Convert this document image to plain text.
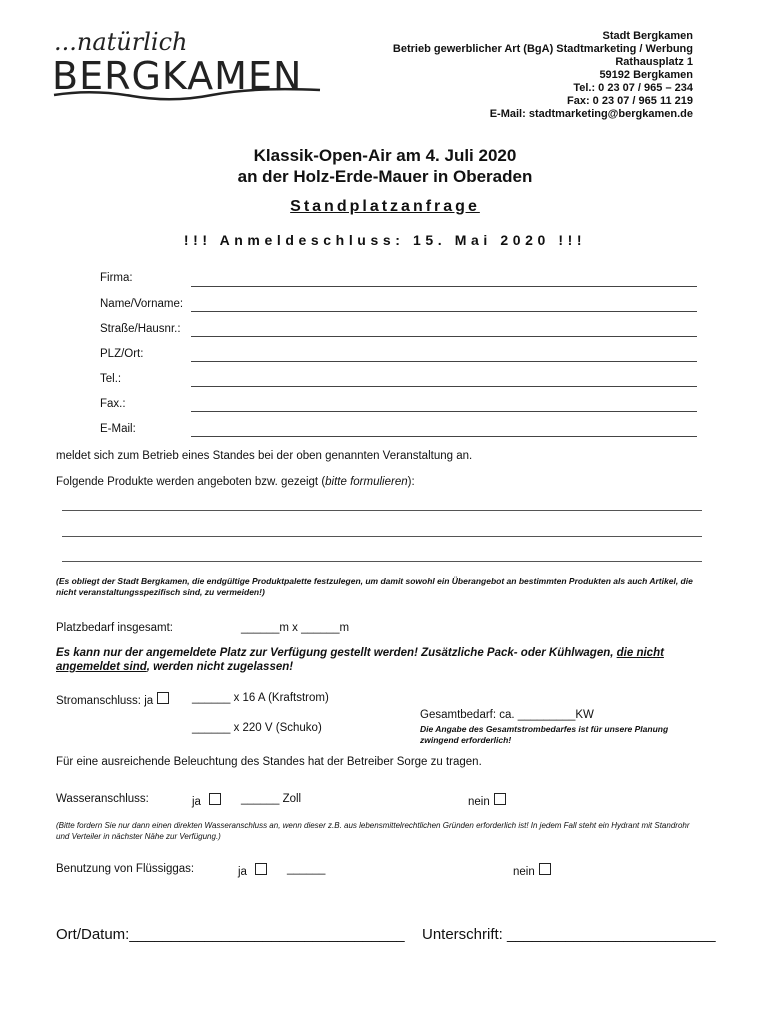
...natürlich
BERGKAMEN
Stadt Bergkamen
Betrieb gewerblicher Art (BgA) Stadtmarketing / Werbung
Rathausplatz 1
59192 Bergkamen
Tel.: 0 23 07 / 965 – 234
Fax: 0 23 07 / 965 11 219
E-Mail: stadtmarketing@bergkamen.de
Klassik-Open-Air am 4. Juli 2020
an der Holz-Erde-Mauer in Oberaden
Standplatzanfrage
!!! Anmeldeschluss: 15. Mai 2020 !!!
Firma:
Name/Vorname:
Straße/Hausnr.:
PLZ/Ort:
Tel.:
Fax.:
E-Mail:
meldet sich zum Betrieb eines Standes bei der oben genannten Veranstaltung an.
Folgende Produkte werden angeboten bzw. gezeigt (bitte formulieren):
(Es obliegt der Stadt Bergkamen, die endgültige Produktpalette festzulegen, um damit sowohl ein Überangebot an bestimmten Produkten als auch Artikel, die nicht veranstaltungsspezifisch sind, zu vermeiden!)
Platzbedarf insgesamt:	______m x ______m
Es kann nur der angemeldete Platz zur Verfügung gestellt werden! Zusätzliche Pack- oder Kühlwagen, die nicht angemeldet sind, werden nicht zugelassen!
Stromanschluss: ja	______ x 16 A (Kraftstrom)
Gesamtbedarf: ca. _________KW
______ x 220 V (Schuko)	Die Angabe des Gesamtstrombedarfes ist für unsere Planung zwingend erforderlich!
Für eine ausreichende Beleuchtung des Standes hat der Betreiber Sorge zu tragen.
Wasseranschluss:	ja	______ Zoll	nein
(Bitte fordern Sie nur dann einen direkten Wasseranschluss an, wenn dieser z.B. aus lebensmittelrechtlichen Gründen erforderlich ist! In jedem Fall steht ein Hydrant mit Standrohr und Verteiler in nächster Nähe zur Verfügung.)
Benutzung von Flüssiggas:	ja	______	nein
Ort/Datum:_________________________________ Unterschrift: _________________________
